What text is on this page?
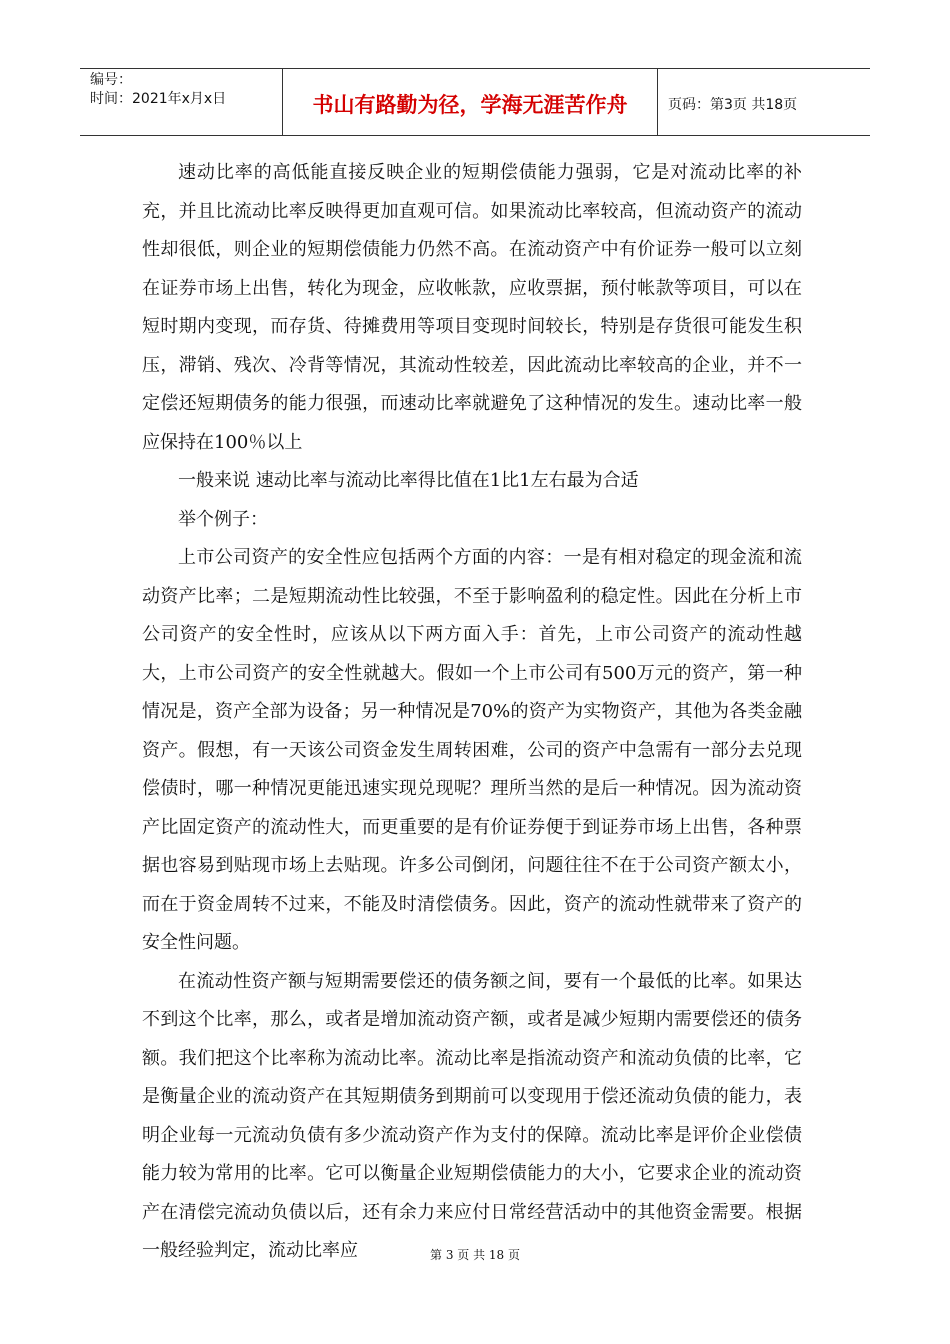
编号：
时间：2021年x月x日	书山有路勤为径，学海无涯苦作舟	页码：第3页 共18页

速动比率的高低能直接反映企业的短期偿债能力强弱，它是对流动比率的补充，并且比流动比率反映得更加直观可信。如果流动比率较高，但流动资产的流动性却很低，则企业的短期偿债能力仍然不高。在流动资产中有价证券一般可以立刻在证券市场上出售，转化为现金，应收帐款，应收票据，预付帐款等项目，可以在短时期内变现，而存货、待摊费用等项目变现时间较长，特别是存货很可能发生积压，滞销、残次、冷背等情况，其流动性较差，因此流动比率较高的企业，并不一定偿还短期债务的能力很强，而速动比率就避免了这种情况的发生。速动比率一般应保持在100％以上

一般来说 速动比率与流动比率得比值在1比1左右最为合适

举个例子：

上市公司资产的安全性应包括两个方面的内容：一是有相对稳定的现金流和流动资产比率；二是短期流动性比较强，不至于影响盈利的稳定性。因此在分析上市公司资产的安全性时，应该从以下两方面入手：首先，上市公司资产的流动性越大，上市公司资产的安全性就越大。假如一个上市公司有500万元的资产，第一种情况是，资产全部为设备；另一种情况是70%的资产为实物资产，其他为各类金融资产。假想，有一天该公司资金发生周转困难，公司的资产中急需有一部分去兑现偿债时，哪一种情况更能迅速实现兑现呢？理所当然的是后一种情况。因为流动资产比固定资产的流动性大，而更重要的是有价证券便于到证券市场上出售，各种票据也容易到贴现市场上去贴现。许多公司倒闭，问题往往不在于公司资产额太小，而在于资金周转不过来，不能及时清偿债务。因此，资产的流动性就带来了资产的安全性问题。

在流动性资产额与短期需要偿还的债务额之间，要有一个最低的比率。如果达不到这个比率，那么，或者是增加流动资产额，或者是减少短期内需要偿还的债务额。我们把这个比率称为流动比率。流动比率是指流动资产和流动负债的比率，它是衡量企业的流动资产在其短期债务到期前可以变现用于偿还流动负债的能力，表明企业每一元流动负债有多少流动资产作为支付的保障。流动比率是评价企业偿债能力较为常用的比率。它可以衡量企业短期偿债能力的大小，它要求企业的流动资产在清偿完流动负债以后，还有余力来应付日常经营活动中的其他资金需要。根据一般经验判定，流动比率应	第 3 页 共 18 页
